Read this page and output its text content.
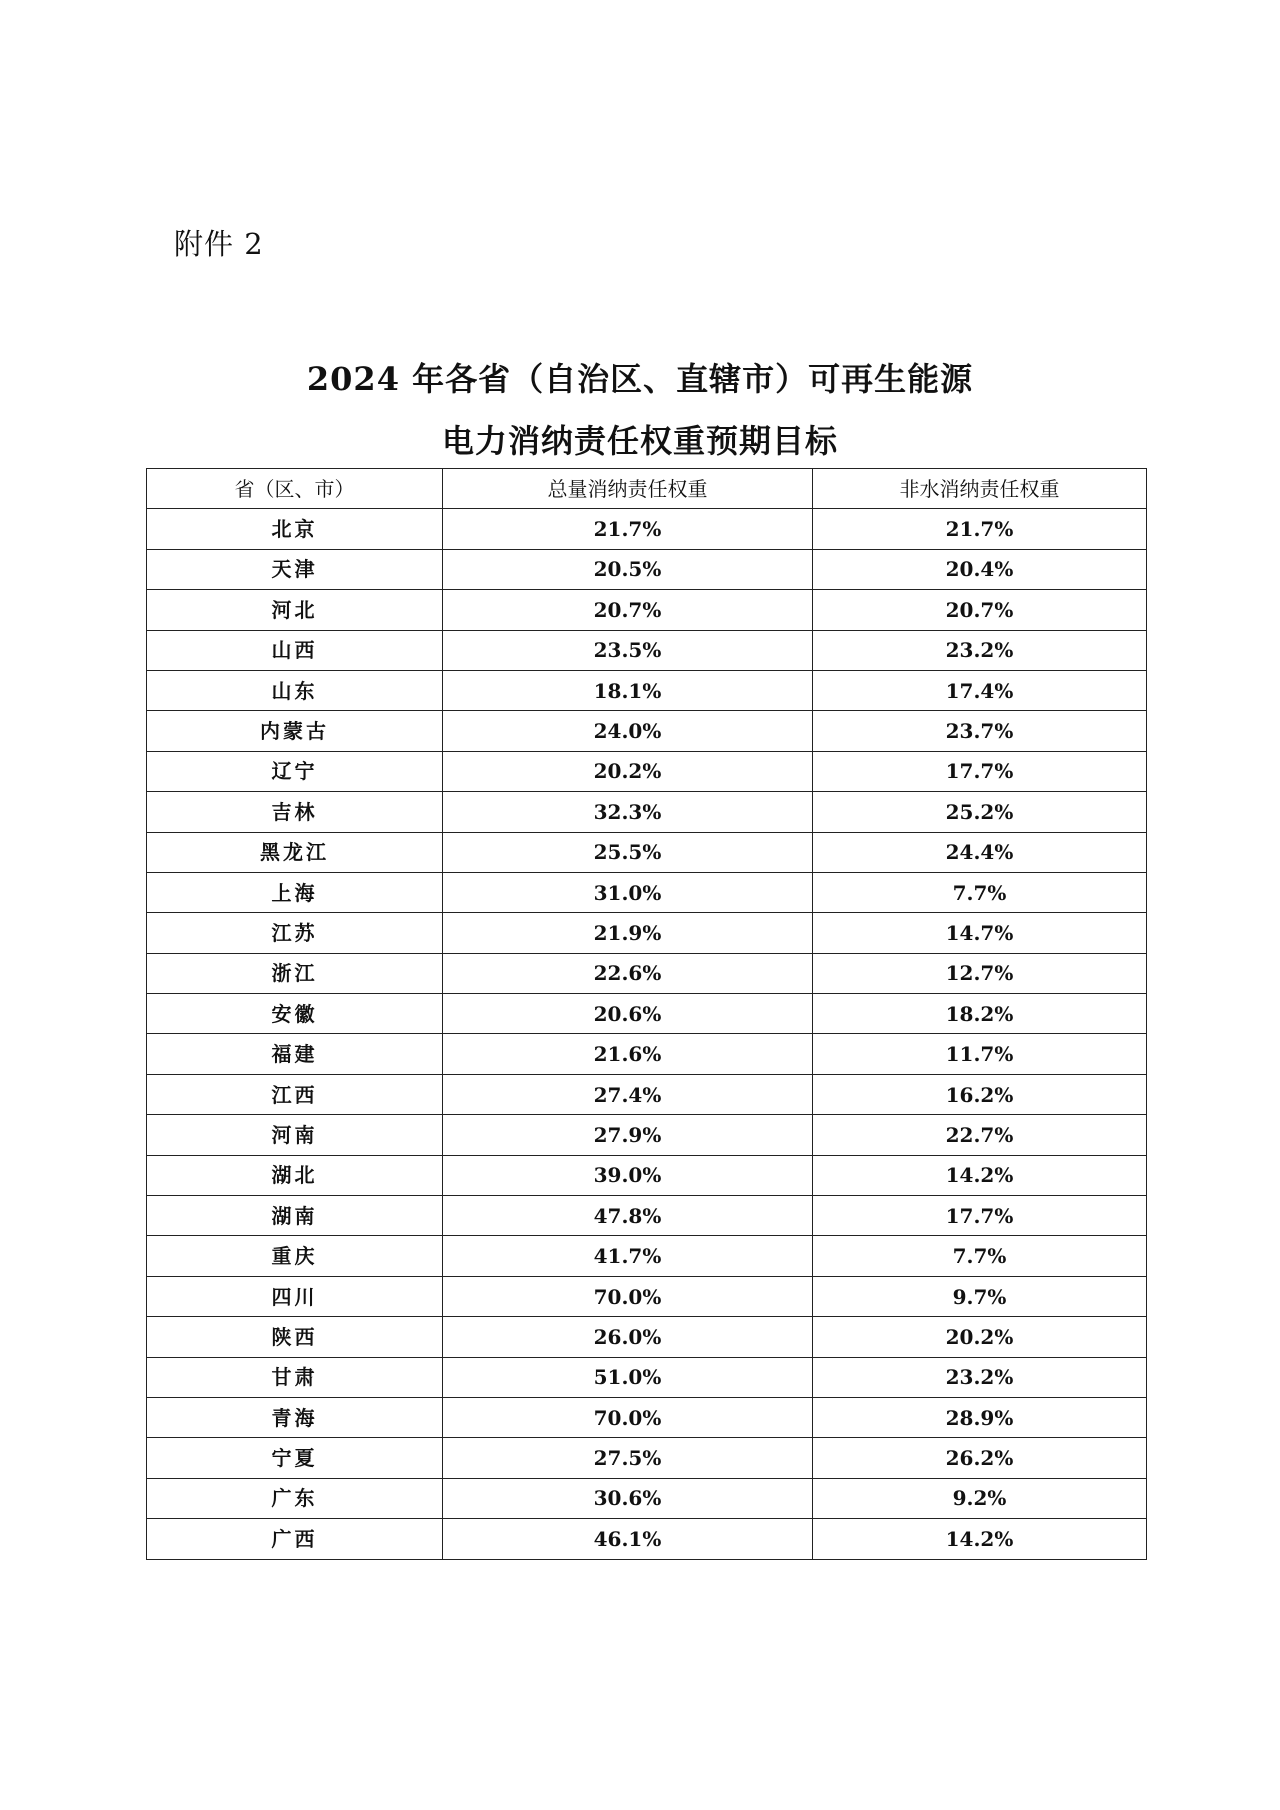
附件 2
2024 年各省（自治区、直辖市）可再生能源
电力消纳责任权重预期目标
省（区、市）	总量消纳责任权重	非水消纳责任权重
北京	21.7%	21.7%
天津	20.5%	20.4%
河北	20.7%	20.7%
山西	23.5%	23.2%
山东	18.1%	17.4%
内蒙古	24.0%	23.7%
辽宁	20.2%	17.7%
吉林	32.3%	25.2%
黑龙江	25.5%	24.4%
上海	31.0%	7.7%
江苏	21.9%	14.7%
浙江	22.6%	12.7%
安徽	20.6%	18.2%
福建	21.6%	11.7%
江西	27.4%	16.2%
河南	27.9%	22.7%
湖北	39.0%	14.2%
湖南	47.8%	17.7%
重庆	41.7%	7.7%
四川	70.0%	9.7%
陕西	26.0%	20.2%
甘肃	51.0%	23.2%
青海	70.0%	28.9%
宁夏	27.5%	26.2%
广东	30.6%	9.2%
广西	46.1%	14.2%
